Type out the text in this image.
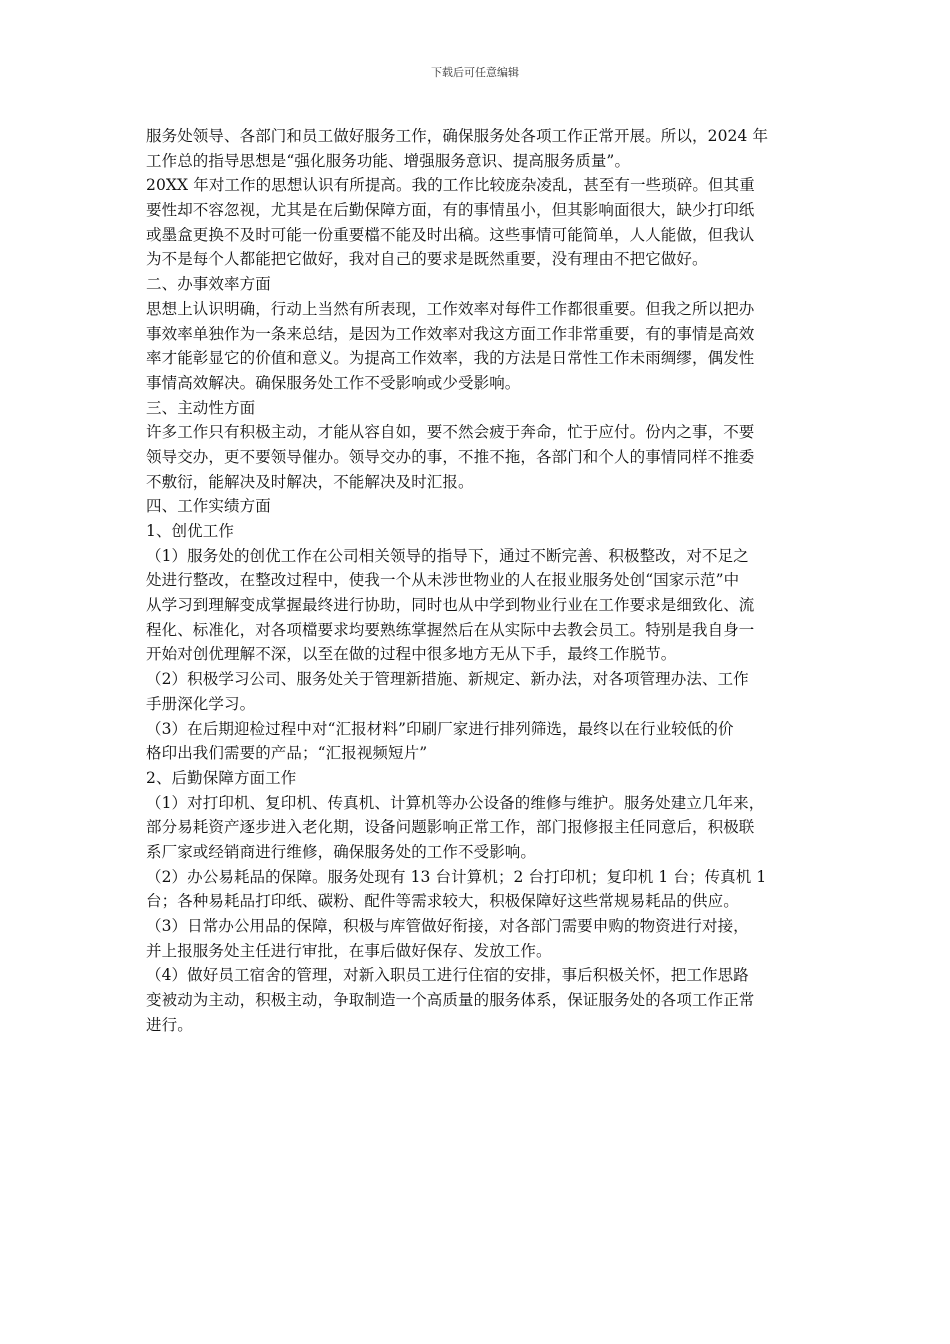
下载后可任意编辑
服务处领导、各部门和员工做好服务工作，确保服务处各项工作正常开展。所以，2024 年
工作总的指导思想是“强化服务功能、增强服务意识、提高服务质量”。
20XX 年对工作的思想认识有所提高。我的工作比较庞杂凌乱，甚至有一些琐碎。但其重
要性却不容忽视，尤其是在后勤保障方面，有的事情虽小，但其影响面很大，缺少打印纸
或墨盒更换不及时可能一份重要檔不能及时出稿。这些事情可能简单，人人能做，但我认
为不是每个人都能把它做好，我对自己的要求是既然重要，没有理由不把它做好。
二、办事效率方面
思想上认识明确，行动上当然有所表现，工作效率对每件工作都很重要。但我之所以把办
事效率单独作为一条来总结，是因为工作效率对我这方面工作非常重要，有的事情是高效
率才能彰显它的价值和意义。为提高工作效率，我的方法是日常性工作未雨绸缪，偶发性
事情高效解决。确保服务处工作不受影响或少受影响。
三、主动性方面
许多工作只有积极主动，才能从容自如，要不然会疲于奔命，忙于应付。份内之事，不要
领导交办，更不要领导催办。领导交办的事，不推不拖，各部门和个人的事情同样不推委
不敷衍，能解决及时解决，不能解决及时汇报。
四、工作实绩方面
1、创优工作
（1）服务处的创优工作在公司相关领导的指导下，通过不断完善、积极整改，对不足之
处进行整改，在整改过程中，使我一个从未涉世物业的人在报业服务处创“国家示范”中
从学习到理解变成掌握最终进行协助，同时也从中学到物业行业在工作要求是细致化、流
程化、标准化，对各项檔要求均要熟练掌握然后在从实际中去教会员工。特别是我自身一
开始对创优理解不深，以至在做的过程中很多地方无从下手，最终工作脱节。
（2）积极学习公司、服务处关于管理新措施、新规定、新办法，对各项管理办法、工作
手册深化学习。
（3）在后期迎检过程中对“汇报材料”印刷厂家进行排列筛选，最终以在行业较低的价
格印出我们需要的产品；“汇报视频短片”
2、后勤保障方面工作
（1）对打印机、复印机、传真机、计算机等办公设备的维修与维护。服务处建立几年来，
部分易耗资产逐步进入老化期，设备问题影响正常工作，部门报修报主任同意后，积极联
系厂家或经销商进行维修，确保服务处的工作不受影响。
（2）办公易耗品的保障。服务处现有 13 台计算机；2 台打印机；复印机 1 台；传真机 1
台；各种易耗品打印纸、碳粉、配件等需求较大，积极保障好这些常规易耗品的供应。
（3）日常办公用品的保障，积极与库管做好衔接，对各部门需要申购的物资进行对接，
并上报服务处主任进行审批，在事后做好保存、发放工作。
（4）做好员工宿舍的管理，对新入职员工进行住宿的安排，事后积极关怀，把工作思路
变被动为主动，积极主动，争取制造一个高质量的服务体系，保证服务处的各项工作正常
进行。
